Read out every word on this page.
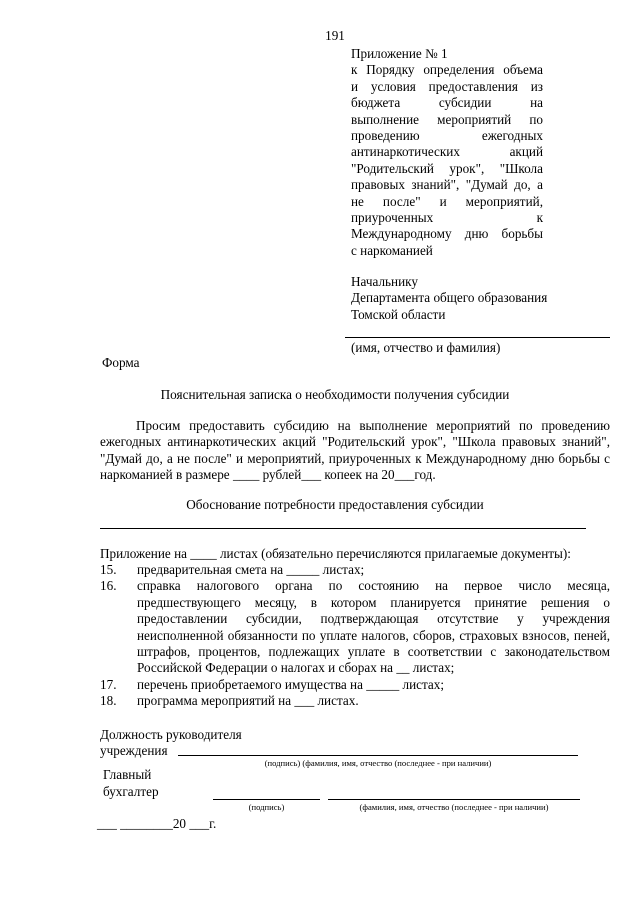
191
Приложение № 1
к Порядку определения объема
и условия предоставления из
бюджета субсидии на
выполнение мероприятий по
проведению ежегодных
антинаркотических акций
"Родительский урок", "Школа
правовых знаний", "Думай до, а
не после" и мероприятий,
приуроченных к
Международному дню борьбы
с наркоманией
Начальнику
Департамента общего образования
Томской области
(имя, отчество и фамилия)
Форма
Пояснительная записка о необходимости получения субсидии
Просим предоставить субсидию на выполнение мероприятий по проведению ежегодных антинаркотических акций "Родительский урок", "Школа правовых знаний", "Думай до, а не после" и мероприятий, приуроченных к Международному дню борьбы с наркоманией в размере ____ рублей___ копеек на 20___год.
Обоснование потребности предоставления субсидии
Приложение на ____ листах (обязательно перечисляются прилагаемые документы):
15.	предварительная смета на _____ листах;
16.	справка налогового органа по состоянию на первое число месяца, предшествующего месяцу, в котором планируется принятие решения о предоставлении субсидии, подтверждающая отсутствие у учреждения неисполненной обязанности по уплате налогов, сборов, страховых взносов, пеней, штрафов, процентов, подлежащих уплате в соответствии с законодательством Российской Федерации о налогах и сборах на __ листах;
17.	перечень приобретаемого имущества на _____ листах;
18.	программа мероприятий на ___ листах.
Должность руководителя
учреждения
(подпись) (фамилия, имя, отчество (последнее - при наличии)
Главный
бухгалтер
(подпись)	(фамилия, имя, отчество (последнее - при наличии)
___ ________20 ___г.
